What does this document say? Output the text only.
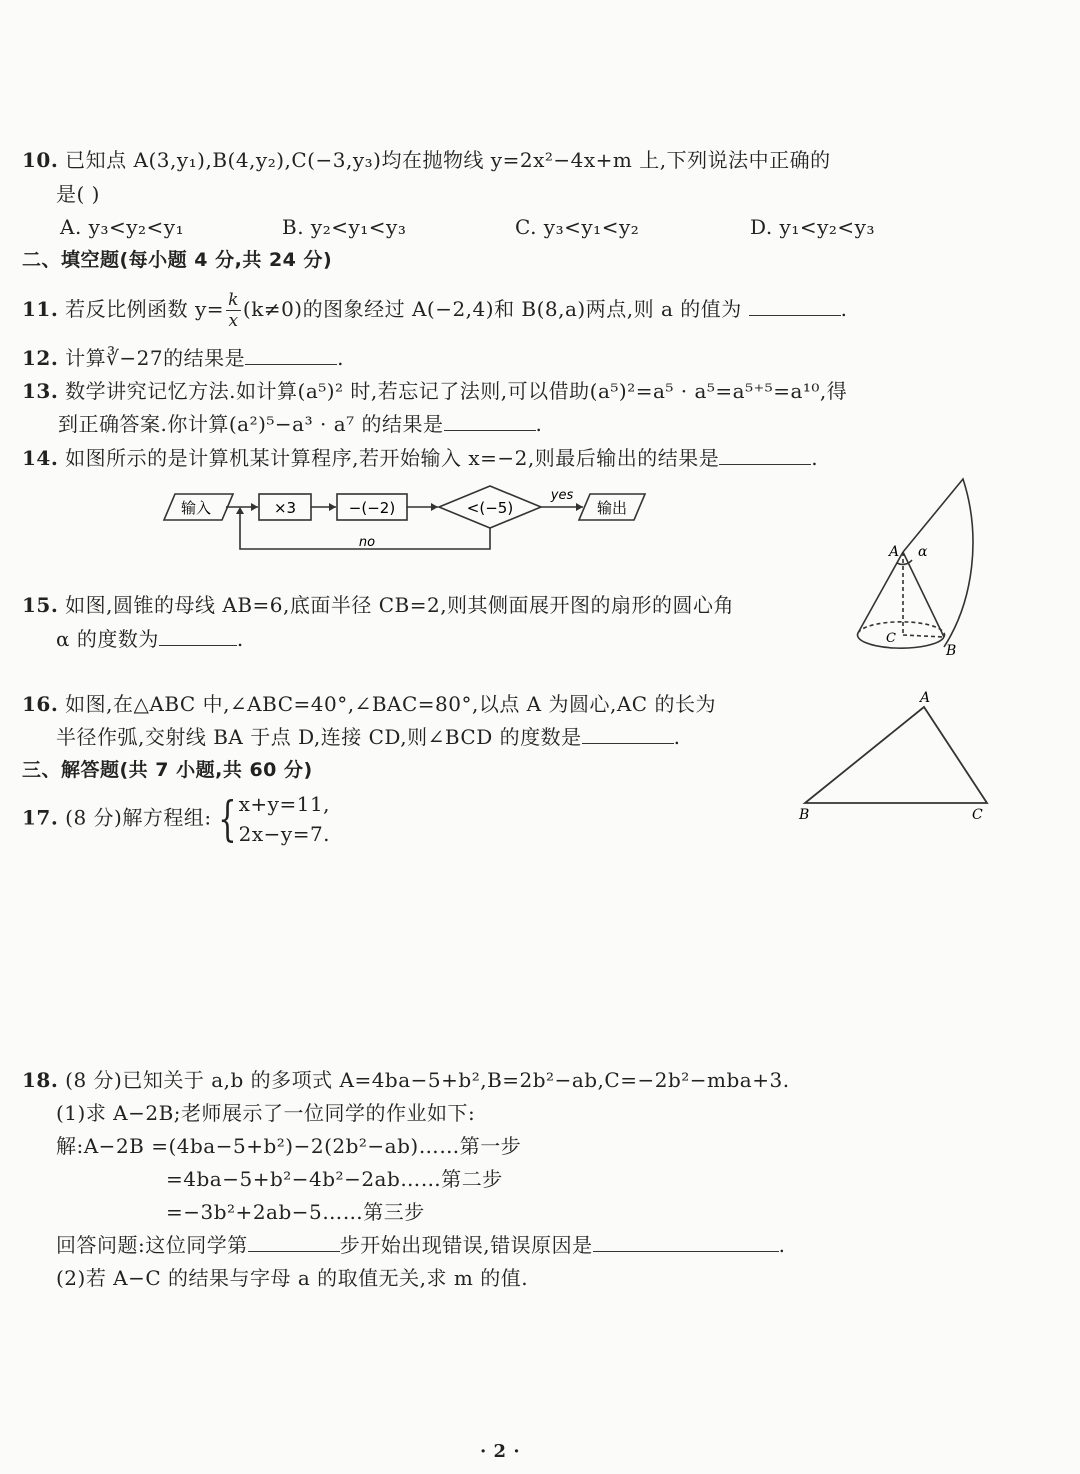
10. 已知点 A(3,y₁),B(4,y₂),C(−3,y₃)均在抛物线 y=2x²−4x+m 上,下列说法中正确的
是( )
A. y₃<y₂<y₁	B. y₂<y₁<y₃	C. y₃<y₁<y₂	D. y₁<y₂<y₃
二、填空题(每小题 4 分,共 24 分)
11. 若反比例函数 $y= \frac{k}{x} (k\ne 0)$的图象经过 A(−2,4)和 B(8,a)两点,则 a 的值为	.
12. 计算∛−27的结果是	.
13. 数学讲究记忆方法.如计算(a⁵)² 时,若忘记了法则,可以借助(a⁵)²=a⁵ · a⁵=a⁵⁺⁵=a¹⁰,得
到正确答案.你计算(a²)⁵−a³ · a⁷ 的结果是	.
14. 如图所示的是计算机某计算程序,若开始输入 x=−2,则最后输出的结果是	.
输入	×3	−(−2)	<(−5)
yes
no
输出
15. 如图,圆锥的母线 AB=6,底面半径 CB=2,则其侧面展开图的扇形的圆心角
α 的度数为	.
A
B
C
α
16. 如图,在△ABC 中,∠ABC=40°,∠BAC=80°,以点 A 为圆心,AC 的长为
半径作弧,交射线 BA 于点 D,连接 CD,则∠BCD 的度数是	.
A
B	C
三、解答题(共 7 小题,共 60 分)
17. (8 分)解方程组: { x+y=11,
2x−y=7.
18. (8 分)已知关于 a,b 的多项式 A=4ba−5+b²,B=2b²−ab,C=−2b²−mba+3.
(1)求 A−2B;老师展示了一位同学的作业如下:
解:A−2B =(4ba−5+b²)−2(2b²−ab)……第一步
=4ba−5+b²−4b²−2ab……第二步
=−3b²+2ab−5……第三步
回答问题:这位同学第	步开始出现错误,错误原因是	.
(2)若 A−C 的结果与字母 a 的取值无关,求 m 的值.
· 2 ·
